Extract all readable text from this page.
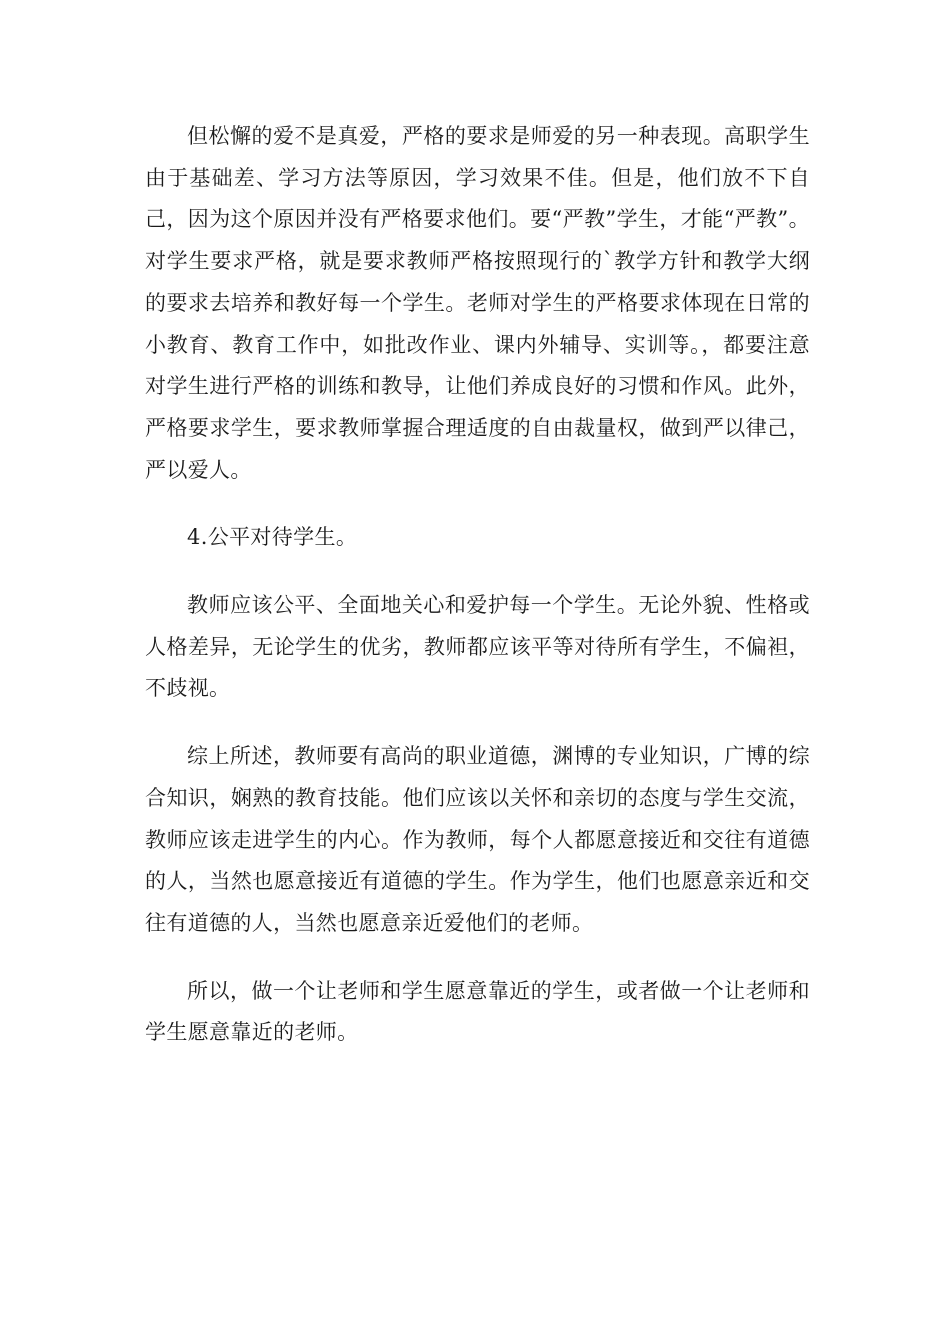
但松懈的爱不是真爱，严格的要求是师爱的另一种表现。高职学生由于基础差、学习方法等原因，学习效果不佳。但是，他们放不下自己，因为这个原因并没有严格要求他们。要“严教”学生，才能“严教”。对学生要求严格，就是要求教师严格按照现行的`教学方针和教学大纲的要求去培养和教好每一个学生。老师对学生的严格要求体现在日常的小教育、教育工作中，如批改作业、课内外辅导、实训等。，都要注意对学生进行严格的训练和教导，让他们养成良好的习惯和作风。此外，严格要求学生，要求教师掌握合理适度的自由裁量权，做到严以律己，严以爱人。

4.公平对待学生。

教师应该公平、全面地关心和爱护每一个学生。无论外貌、性格或人格差异，无论学生的优劣，教师都应该平等对待所有学生，不偏袒，不歧视。

综上所述，教师要有高尚的职业道德，渊博的专业知识，广博的综合知识，娴熟的教育技能。他们应该以关怀和亲切的态度与学生交流，教师应该走进学生的内心。作为教师，每个人都愿意接近和交往有道德的人，当然也愿意接近有道德的学生。作为学生，他们也愿意亲近和交往有道德的人，当然也愿意亲近爱他们的老师。

所以，做一个让老师和学生愿意靠近的学生，或者做一个让老师和学生愿意靠近的老师。
